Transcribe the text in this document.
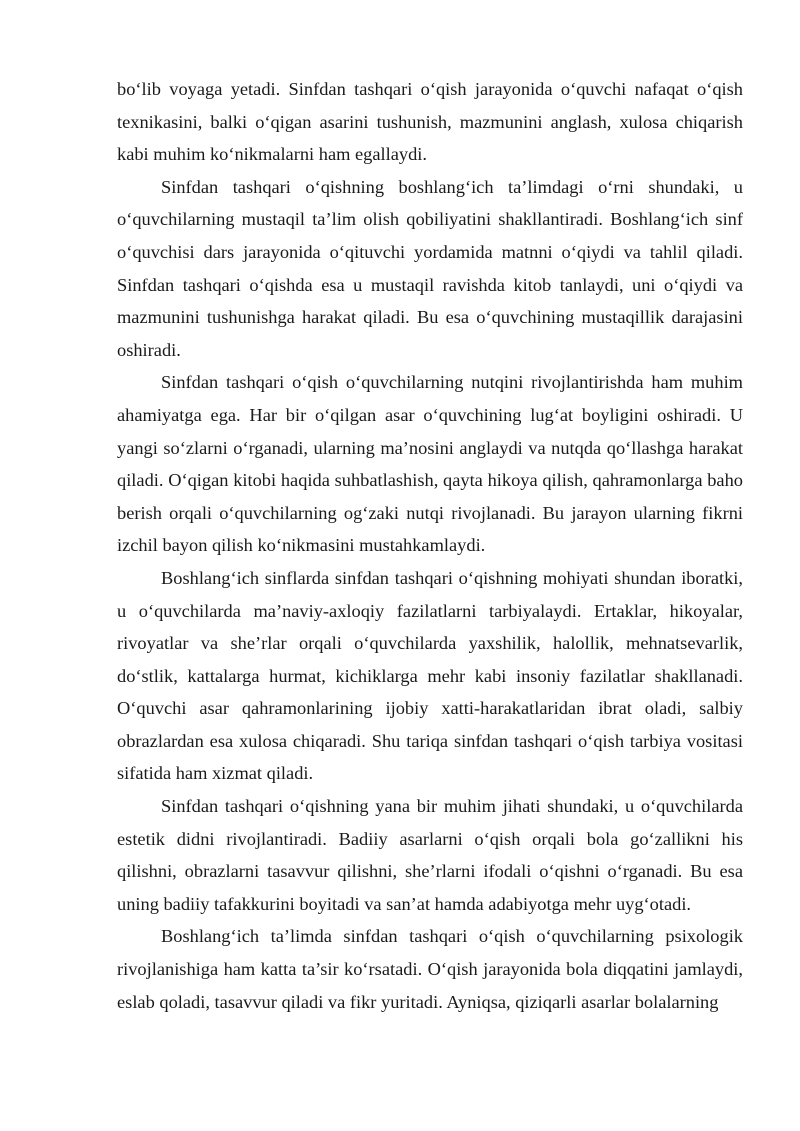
bo‘lib voyaga yetadi. Sinfdan tashqari o‘qish jarayonida o‘quvchi nafaqat o‘qish texnikasini, balki o‘qigan asarini tushunish, mazmunini anglash, xulosa chiqarish kabi muhim ko‘nikmalarni ham egallaydi.

Sinfdan tashqari o‘qishning boshlang‘ich ta’limdagi o‘rni shundaki, u o‘quvchilarning mustaqil ta’lim olish qobiliyatini shakllantiradi. Boshlang‘ich sinf o‘quvchisi dars jarayonida o‘qituvchi yordamida matnni o‘qiydi va tahlil qiladi. Sinfdan tashqari o‘qishda esa u mustaqil ravishda kitob tanlaydi, uni o‘qiydi va mazmunini tushunishga harakat qiladi. Bu esa o‘quvchining mustaqillik darajasini oshiradi.

Sinfdan tashqari o‘qish o‘quvchilarning nutqini rivojlantirishda ham muhim ahamiyatga ega. Har bir o‘qilgan asar o‘quvchining lug‘at boyligini oshiradi. U yangi so‘zlarni o‘rganadi, ularning ma’nosini anglaydi va nutqda qo‘llashga harakat qiladi. O‘qigan kitobi haqida suhbatlashish, qayta hikoya qilish, qahramonlarga baho berish orqali o‘quvchilarning og‘zaki nutqi rivojlanadi. Bu jarayon ularning fikrni izchil bayon qilish ko‘nikmasini mustahkamlaydi.

Boshlang‘ich sinflarda sinfdan tashqari o‘qishning mohiyati shundan iboratki, u o‘quvchilarda ma’naviy-axloqiy fazilatlarni tarbiyalaydi. Ertaklar, hikoyalar, rivoyatlar va she’rlar orqali o‘quvchilarda yaxshilik, halollik, mehnatsevarlik, do‘stlik, kattalarga hurmat, kichiklarga mehr kabi insoniy fazilatlar shakllanadi. O‘quvchi asar qahramonlarining ijobiy xatti-harakatlaridan ibrat oladi, salbiy obrazlardan esa xulosa chiqaradi. Shu tariqa sinfdan tashqari o‘qish tarbiya vositasi sifatida ham xizmat qiladi.

Sinfdan tashqari o‘qishning yana bir muhim jihati shundaki, u o‘quvchilarda estetik didni rivojlantiradi. Badiiy asarlarni o‘qish orqali bola go‘zallikni his qilishni, obrazlarni tasavvur qilishni, she’rlarni ifodali o‘qishni o‘rganadi. Bu esa uning badiiy tafakkurini boyitadi va san’at hamda adabiyotga mehr uyg‘otadi.

Boshlang‘ich ta’limda sinfdan tashqari o‘qish o‘quvchilarning psixologik rivojlanishiga ham katta ta’sir ko‘rsatadi. O‘qish jarayonida bola diqqatini jamlaydi, eslab qoladi, tasavvur qiladi va fikr yuritadi. Ayniqsa, qiziqarli asarlar bolalarning
